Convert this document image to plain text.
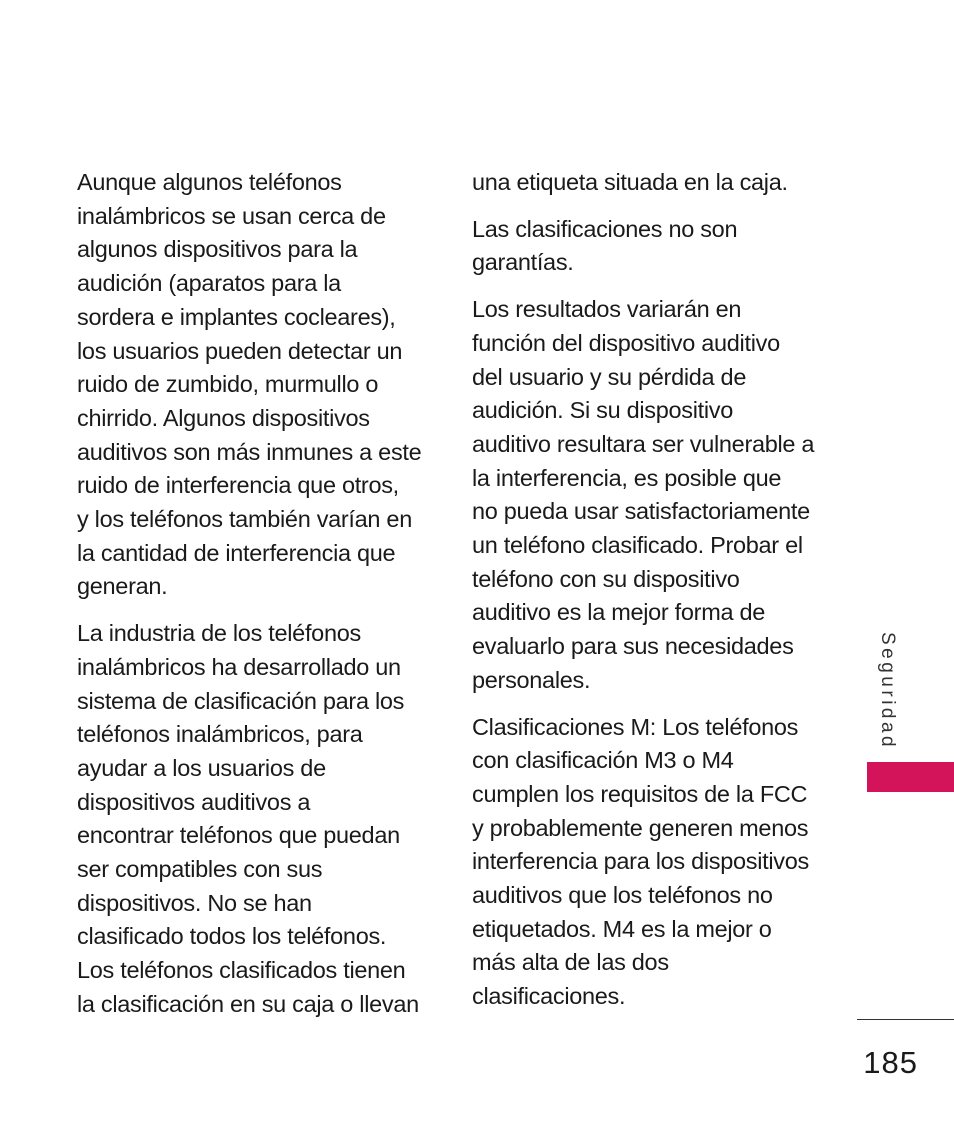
Aunque algunos teléfonos
inalámbricos se usan cerca de
algunos dispositivos para la
audición (aparatos para la
sordera e implantes cocleares),
los usuarios pueden detectar un
ruido de zumbido, murmullo o
chirrido. Algunos dispositivos
auditivos son más inmunes a este
ruido de interferencia que otros,
y los teléfonos también varían en
la cantidad de interferencia que
generan.

La industria de los teléfonos
inalámbricos ha desarrollado un
sistema de clasificación para los
teléfonos inalámbricos, para
ayudar a los usuarios de
dispositivos auditivos a
encontrar teléfonos que puedan
ser compatibles con sus
dispositivos. No se han
clasificado todos los teléfonos.
Los teléfonos clasificados tienen
la clasificación en su caja o llevan

una etiqueta situada en la caja.

Las clasificaciones no son
garantías.

Los resultados variarán en
función del dispositivo auditivo
del usuario y su pérdida de
audición. Si su dispositivo
auditivo resultara ser vulnerable a
la interferencia, es posible que
no pueda usar satisfactoriamente
un teléfono clasificado. Probar el
teléfono con su dispositivo
auditivo es la mejor forma de
evaluarlo para sus necesidades
personales.

Clasificaciones M: Los teléfonos
con clasificación M3 o M4
cumplen los requisitos de la FCC
y probablemente generen menos
interferencia para los dispositivos
auditivos que los teléfonos no
etiquetados. M4 es la mejor o
más alta de las dos
clasificaciones.

Seguridad
185
